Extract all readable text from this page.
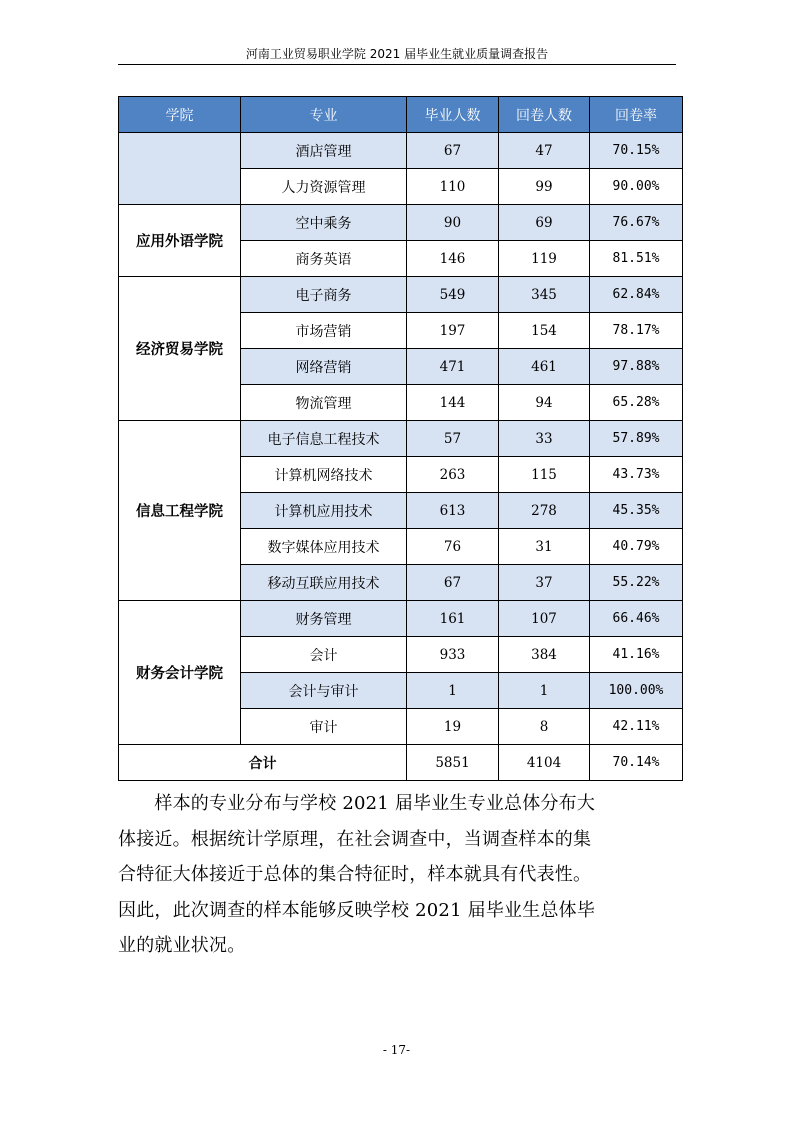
河南工业贸易职业学院 2021 届毕业生就业质量调查报告
学院	专业	毕业人数	回卷人数	回卷率
	酒店管理	67	47	70.15%
	人力资源管理	110	99	90.00%
应用外语学院	空中乘务	90	69	76.67%
	商务英语	146	119	81.51%
经济贸易学院	电子商务	549	345	62.84%
	市场营销	197	154	78.17%
	网络营销	471	461	97.88%
	物流管理	144	94	65.28%
信息工程学院	电子信息工程技术	57	33	57.89%
	计算机网络技术	263	115	43.73%
	计算机应用技术	613	278	45.35%
	数字媒体应用技术	76	31	40.79%
	移动互联应用技术	67	37	55.22%
财务会计学院	财务管理	161	107	66.46%
	会计	933	384	41.16%
	会计与审计	1	1	100.00%
	审计	19	8	42.11%
合计		5851	4104	70.14%
　　样本的专业分布与学校 2021 届毕业生专业总体分布大
体接近。根据统计学原理，在社会调查中，当调查样本的集
合特征大体接近于总体的集合特征时，样本就具有代表性。
因此，此次调查的样本能够反映学校 2021 届毕业生总体毕
业的就业状况。
- 17-
